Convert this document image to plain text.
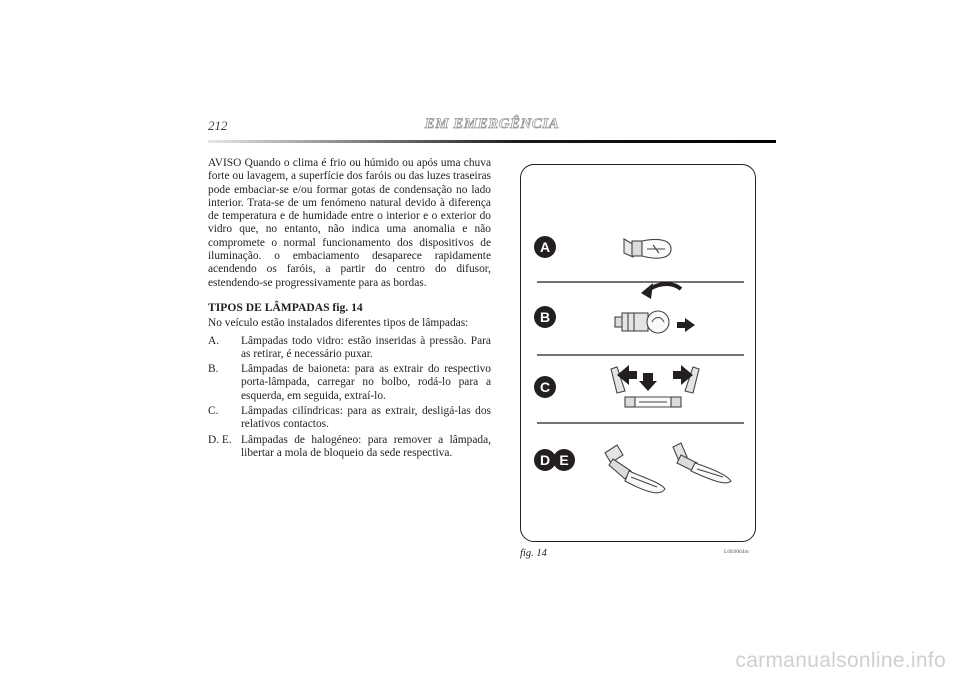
212	EM EMERGÊNCIA

AVISO Quando o clima é frio ou húmido ou após uma chuva forte ou lavagem, a superfície dos faróis ou das luzes traseiras pode embaciar-se e/ou formar gotas de condensação no lado interior. Trata-se de um fenómeno natural devido à diferença de temperatura e de humidade entre o interior e o exterior do vidro que, no entanto, não indica uma anomalia e não compromete o normal funcionamento dos dispositivos de iluminação. o embaciamento desaparece rapidamente acendendo os faróis, a partir do centro do difusor, estendendo-se progressivamente para as bordas.

TIPOS DE LÂMPADAS fig. 14

No veículo estão instalados diferentes tipos de lâmpadas:

A.	Lâmpadas todo vidro: estão inseridas à pressão. Para as retirar, é necessário puxar.
B.	Lâmpadas de baioneta: para as extrair do respectivo porta-lâmpada, carregar no bolbo, rodá-lo para a esquerda, em seguida, extraí-lo.
C.	Lâmpadas cilíndricas: para as extrair, desligá-las dos relativos contactos.
D. E. Lâmpadas de halogéneo: para remover a lâmpada, libertar a mola de bloqueio da sede respectiva.
A
B
C
D E
fig. 14	L0E0064m
carmanualsonline.info
